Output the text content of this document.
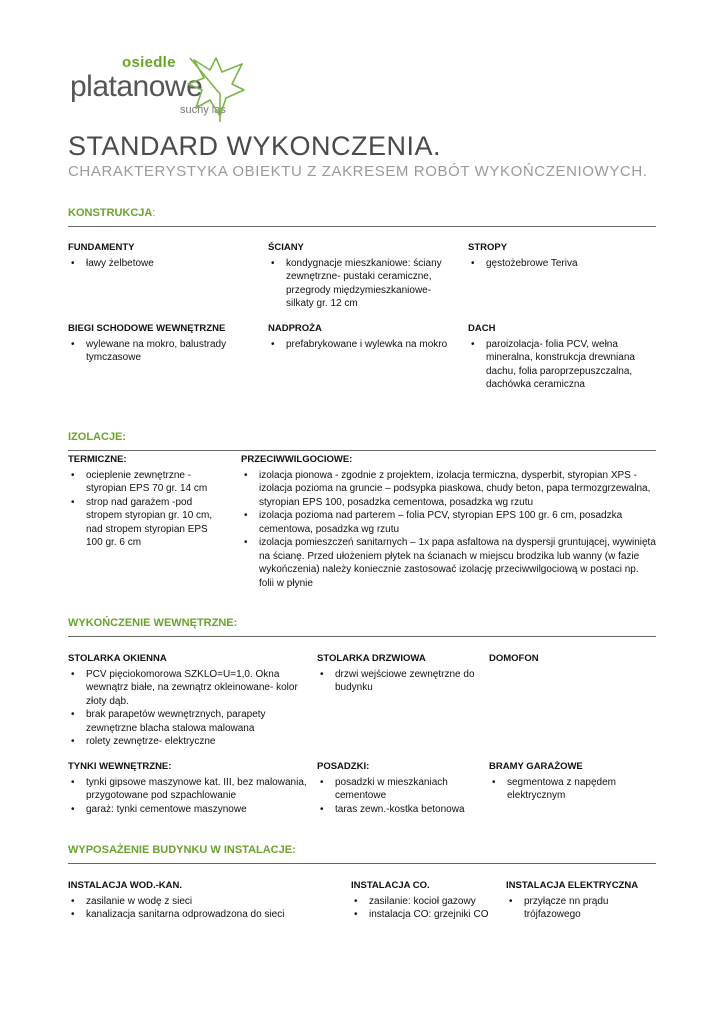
osiedle
platanowe
suchy las
STANDARD WYKONCZENIA.
CHARAKTERYSTYKA OBIEKTU Z ZAKRESEM ROBÓT WYKOŃCZENIOWYCH.
KONSTRUKCJA:
FUNDAMENTY
• ławy żelbetowe
ŚCIANY
• kondygnacje mieszkaniowe: ściany zewnętrzne- pustaki ceramiczne, przegrody międzymieszkaniowe- silkaty gr. 12 cm
STROPY
• gęstożebrowe Teriva
BIEGI SCHODOWE WEWNĘTRZNE
• wylewane na mokro, balustrady tymczasowe
NADPROŻA
• prefabrykowane i wylewka na mokro
DACH
• paroizolacja- folia PCV, wełna mineralna, konstrukcja drewniana dachu, folia paroprzepuszczalna, dachówka ceramiczna
IZOLACJE:
TERMICZNE:
• ocieplenie zewnętrzne - styropian EPS 70 gr. 14 cm
• strop nad garażem -pod stropem styropian gr. 10 cm, nad stropem styropian EPS 100 gr. 6 cm
PRZECIWWILGOCIOWE:
• izolacja pionowa - zgodnie z projektem, izolacja termiczna, dysperbit, styropian XPS - izolacja pozioma na gruncie – podsypka piaskowa, chudy beton, papa termozgrzewalna, styropian EPS 100, posadzka cementowa, posadzka wg rzutu
• izolacja pozioma nad parterem – folia PCV, styropian EPS 100 gr. 6 cm, posadzka cementowa, posadzka wg rzutu
• izolacja pomieszczeń sanitarnych – 1x papa asfaltowa na dyspersji gruntującej, wywinięta na ścianę. Przed ułożeniem płytek na ścianach w miejscu brodzika lub wanny (w fazie wykończenia) należy koniecznie zastosować izolację przeciwwilgociową w postaci np. folii w płynie
WYKOŃCZENIE WEWNĘTRZNE:
STOLARKA OKIENNA
• PCV pięciokomorowa SZKLO=U=1,0. Okna wewnątrz białe, na zewnątrz okleinowane- kolor złoty dąb.
• brak parapetów wewnętrznych, parapety zewnętrzne blacha stalowa malowana
• rolety zewnętrze- elektryczne
STOLARKA DRZWIOWA
• drzwi wejściowe zewnętrzne do budynku
DOMOFON
TYNKI WEWNĘTRZNE:
• tynki gipsowe maszynowe kat. III, bez malowania, przygotowane pod szpachlowanie
• garaż: tynki cementowe maszynowe
POSADZKI:
• posadzki w mieszkaniach cementowe
• taras zewn.-kostka betonowa
BRAMY GARAŻOWE
• segmentowa z napędem elektrycznym
WYPOSAŻENIE BUDYNKU W INSTALACJE:
INSTALACJA WOD.-KAN.
• zasilanie w wodę z sieci
• kanalizacja sanitarna odprowadzona do sieci
INSTALACJA CO.
• zasilanie: kocioł gazowy
• instalacja CO: grzejniki CO
INSTALACJA ELEKTRYCZNA
• przyłącze nn prądu trójfazowego
